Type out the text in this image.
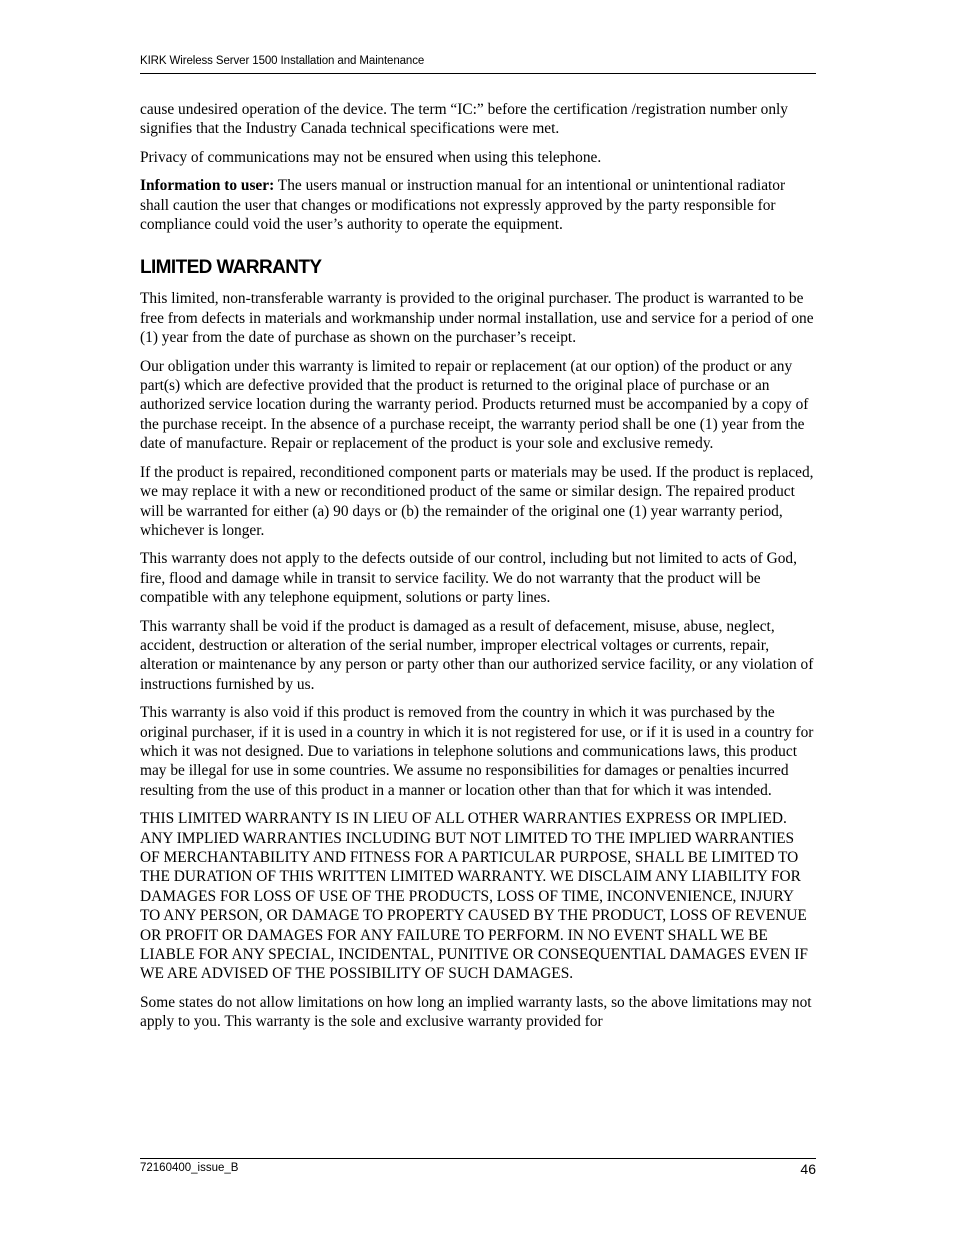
KIRK Wireless Server 1500 Installation and Maintenance

cause undesired operation of the device. The term “IC:” before the certification /registration number only signifies that the Industry Canada technical specifications were met.

Privacy of communications may not be ensured when using this telephone.

Information to user: The users manual or instruction manual for an intentional or unintentional radiator shall caution the user that changes or modifications not expressly approved by the party responsible for compliance could void the user’s authority to operate the equipment.

LIMITED WARRANTY

This limited, non-transferable warranty is provided to the original purchaser. The product is warranted to be free from defects in materials and workmanship under normal installation, use and service for a period of one (1) year from the date of purchase as shown on the purchaser’s receipt.

Our obligation under this warranty is limited to repair or replacement (at our option) of the product or any part(s) which are defective provided that the product is returned to the original place of purchase or an authorized service location during the warranty period. Products returned must be accompanied by a copy of the purchase receipt. In the absence of a purchase receipt, the warranty period shall be one (1) year from the date of manufacture. Repair or replacement of the product is your sole and exclusive remedy.

If the product is repaired, reconditioned component parts or materials may be used. If the product is replaced, we may replace it with a new or reconditioned product of the same or similar design. The repaired product will be warranted for either (a) 90 days or (b) the remainder of the original one (1) year warranty period, whichever is longer.

This warranty does not apply to the defects outside of our control, including but not limited to acts of God, fire, flood and damage while in transit to service facility. We do not warranty that the product will be compatible with any telephone equipment, solutions or party lines.

This warranty shall be void if the product is damaged as a result of defacement, misuse, abuse, neglect, accident, destruction or alteration of the serial number, improper electrical voltages or currents, repair, alteration or maintenance by any person or party other than our authorized service facility, or any violation of instructions furnished by us.

This warranty is also void if this product is removed from the country in which it was purchased by the original purchaser, if it is used in a country in which it is not registered for use, or if it is used in a country for which it was not designed. Due to variations in telephone solutions and communications laws, this product may be illegal for use in some countries. We assume no responsibilities for damages or penalties incurred resulting from the use of this product in a manner or location other than that for which it was intended.

THIS LIMITED WARRANTY IS IN LIEU OF ALL OTHER WARRANTIES EXPRESS OR IMPLIED. ANY IMPLIED WARRANTIES INCLUDING BUT NOT LIMITED TO THE IMPLIED WARRANTIES OF MERCHANTABILITY AND FITNESS FOR A PARTICULAR PURPOSE, SHALL BE LIMITED TO THE DURATION OF THIS WRITTEN LIMITED WARRANTY. WE DISCLAIM ANY LIABILITY FOR DAMAGES FOR LOSS OF USE OF THE PRODUCTS, LOSS OF TIME, INCONVENIENCE, INJURY TO ANY PERSON, OR DAMAGE TO PROPERTY CAUSED BY THE PRODUCT, LOSS OF REVENUE OR PROFIT OR DAMAGES FOR ANY FAILURE TO PERFORM. IN NO EVENT SHALL WE BE LIABLE FOR ANY SPECIAL, INCIDENTAL, PUNITIVE OR CONSEQUENTIAL DAMAGES EVEN IF WE ARE ADVISED OF THE POSSIBILITY OF SUCH DAMAGES.

Some states do not allow limitations on how long an implied warranty lasts, so the above limitations may not apply to you. This warranty is the sole and exclusive warranty provided for

72160400_issue_B	46
